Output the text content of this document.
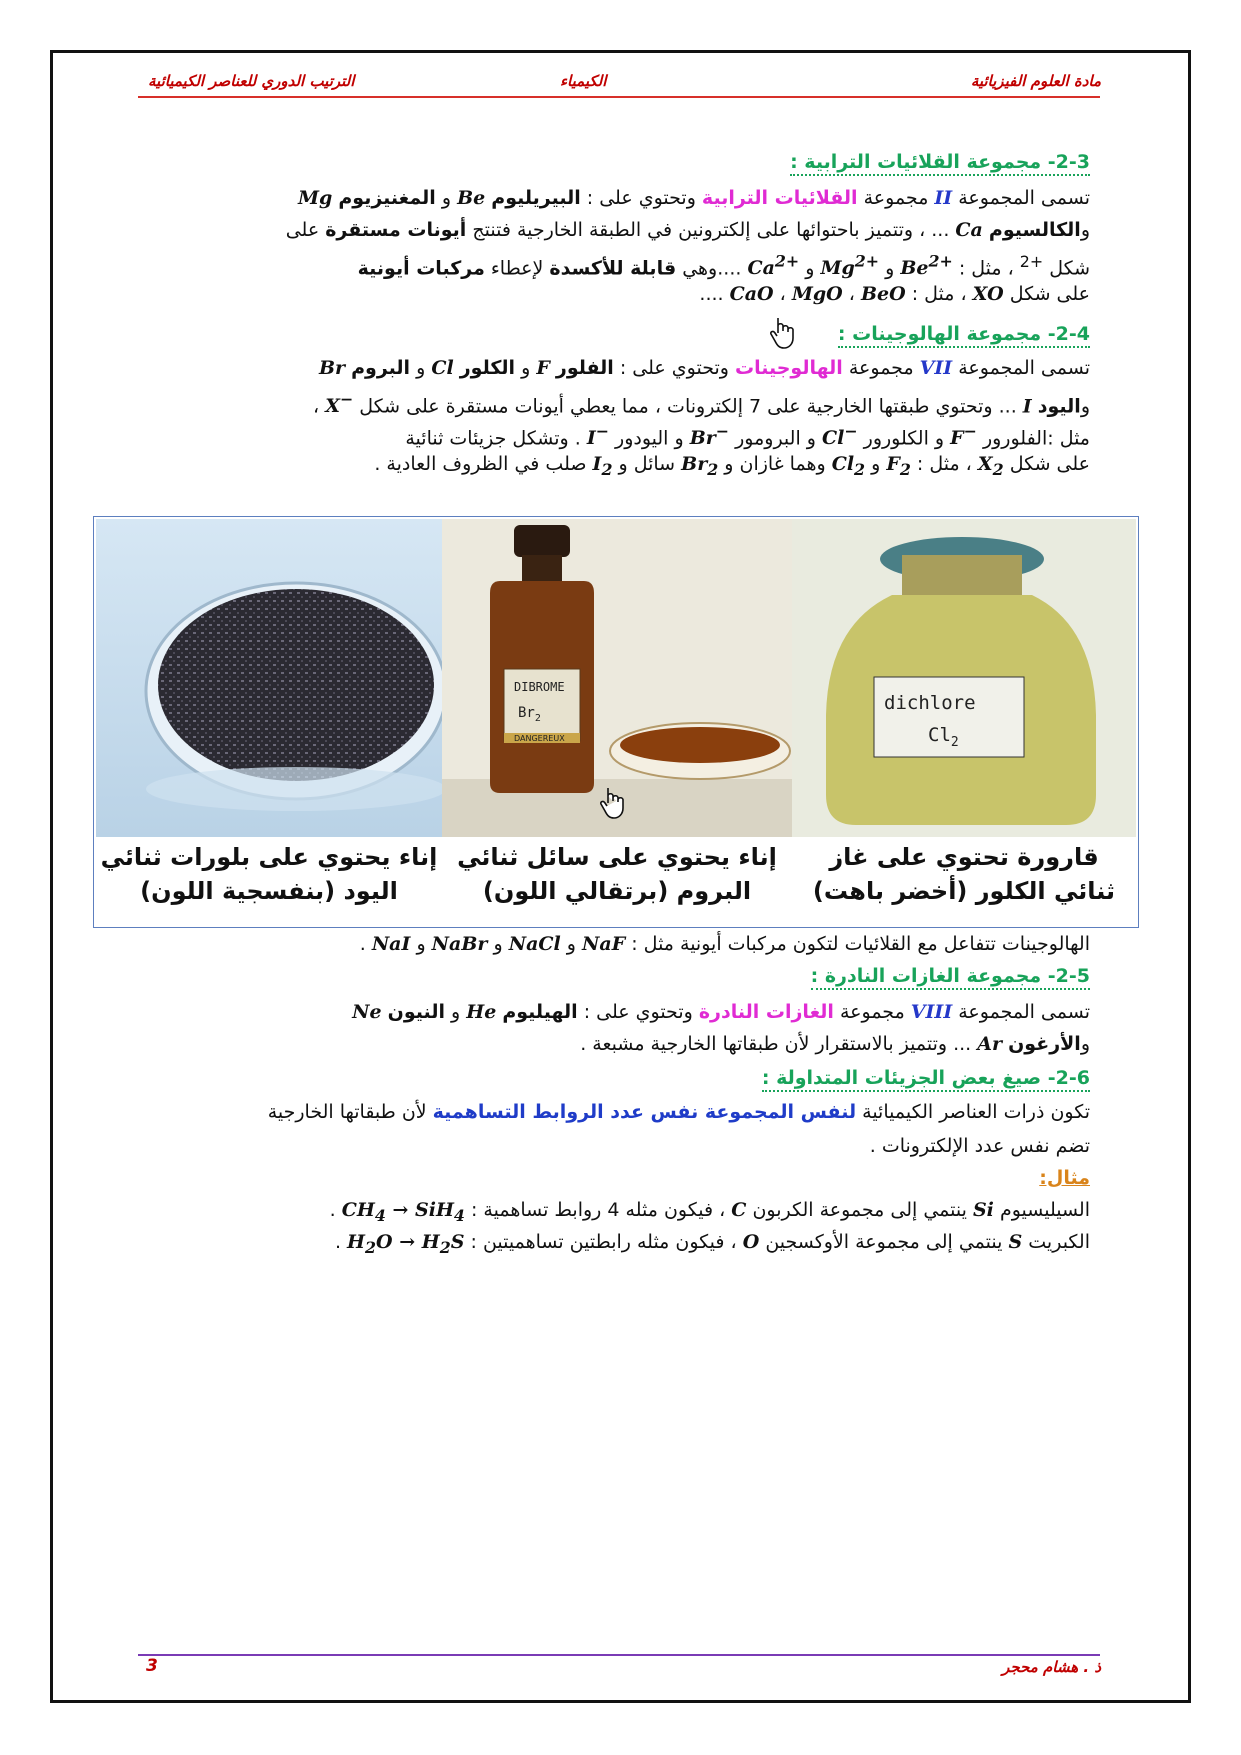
مادة العلوم الفيزيائية
الكيمياء
الترتيب الدوري للعناصر الكيميائية
2-3- مجموعة القلائيات الترابية :
تسمى المجموعة II مجموعة القلائيات الترابية وتحتوي على : البيريليوم Be و المغنيزيوم Mg
والكالسيوم Ca ... ، وتتميز باحتوائها على إلكترونين في الطبقة الخارجية فتنتج أيونات مستقرة على
شكل $^{2+}$ ، مثل : $Be^{2+}$ و $Mg^{2+}$ و $Ca^{2+}$ ....وهي قابلة للأكسدة لإعطاء مركبات أيونية
على شكل XO ، مثل : BeO ، MgO ، CaO ....
2-4- مجموعة الهالوجينات :
تسمى المجموعة VII مجموعة الهالوجينات وتحتوي على : الفلور F و الكلور Cl و البروم Br
واليود I ... وتحتوي طبقتها الخارجية على 7 إلكترونات ، مما يعطي أيونات مستقرة على شكل X− ،
مثل :الفلورور F− و الكلورور Cl− و البرومور Br− و اليودور I− . وتشكل جزيئات ثنائية
على شكل $X_2$ ، مثل : $F_2$ و $Cl_2$ وهما غازان و $Br_2$ سائل و $I_2$ صلب في الظروف العادية .
DIBROME
$Br_2$
DANGEREUX
dichlore
$Cl_2$
قارورة تحتوي على غاز
ثنائي الكلور (أخضر باهت)
إناء يحتوي على سائل ثنائي
البروم (برتقالي اللون)
إناء يحتوي على بلورات ثنائي
اليود (بنفسجية اللون)
الهالوجينات تتفاعل مع القلائيات لتكون مركبات أيونية مثل : NaF و NaCl و NaBr و NaI .
2-5- مجموعة الغازات النادرة :
تسمى المجموعة VIII مجموعة الغازات النادرة وتحتوي على : الهيليوم He و النيون Ne
والأرغون Ar ... وتتميز بالاستقرار لأن طبقاتها الخارجية مشبعة .
2-6- صيغ بعض الجزيئات المتداولة :
تكون ذرات العناصر الكيميائية لنفس المجموعة نفس عدد الروابط التساهمية لأن طبقاتها الخارجية
تضم نفس عدد الإلكترونات .
مثال:
السيليسيوم Si ينتمي إلى مجموعة الكربون C ، فيكون مثله 4 روابط تساهمية : $CH_4 \to SiH_4$ .
الكبريت S ينتمي إلى مجموعة الأوكسجين O ، فيكون مثله رابطتين تساهميتين : $H_2O \to H_2S$ .
ذ . هشام محجر
3
